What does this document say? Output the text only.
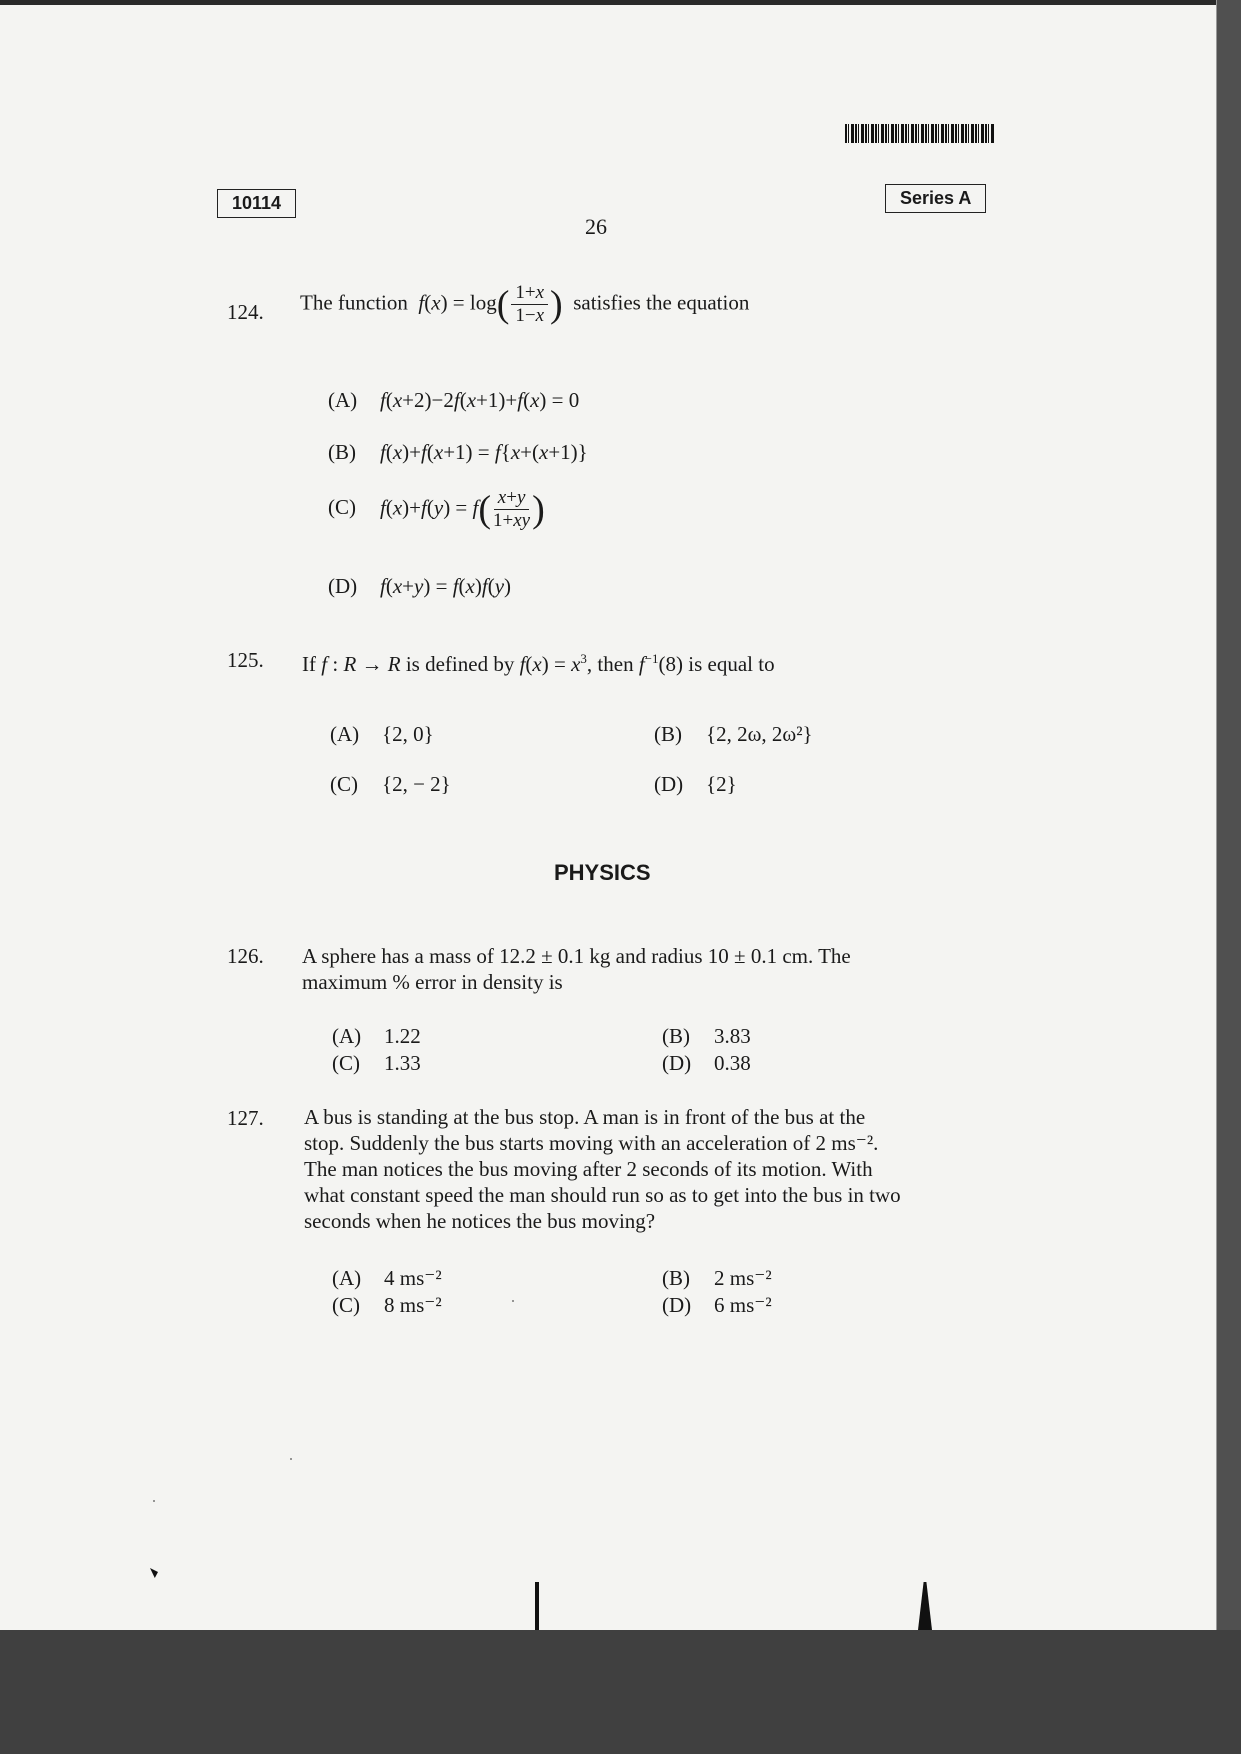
10114	Series A
26
124. The function  $f(x) = \log( \frac{1+x}{1-x}$ ) satisfies the equation
(A) f(x+2)−2f(x+1)+f(x) = 0
(B) f(x)+f(x+1) = f{x+(x+1)}
(C) $f(x)+f(y) = f( \frac{x+y}{1+xy}$ )
(D) f(x+y) = f(x)f(y)
125. If f : R → R is defined by $f(x) = x^3$, then $f^{-1}(8)$ is equal to
(A) {2, 0}	(B) {2, 2ω, 2ω²}
(C) {2, − 2}	(D) {2}
PHYSICS
126. A sphere has a mass of 12.2 ± 0.1 kg and radius 10 ± 0.1 cm. The
maximum % error in density is
(A) 1.22	(B) 3.83
(C) 1.33	(D) 0.38
127. A bus is standing at the bus stop. A man is in front of the bus at the
stop. Suddenly the bus starts moving with an acceleration of 2 ms⁻².
The man notices the bus moving after 2 seconds of its motion. With
what constant speed the man should run so as to get into the bus in two
seconds when he notices the bus moving?
(A) 4 ms⁻²	(B) 2 ms⁻²
(C) 8 ms⁻²	(D) 6 ms⁻²
